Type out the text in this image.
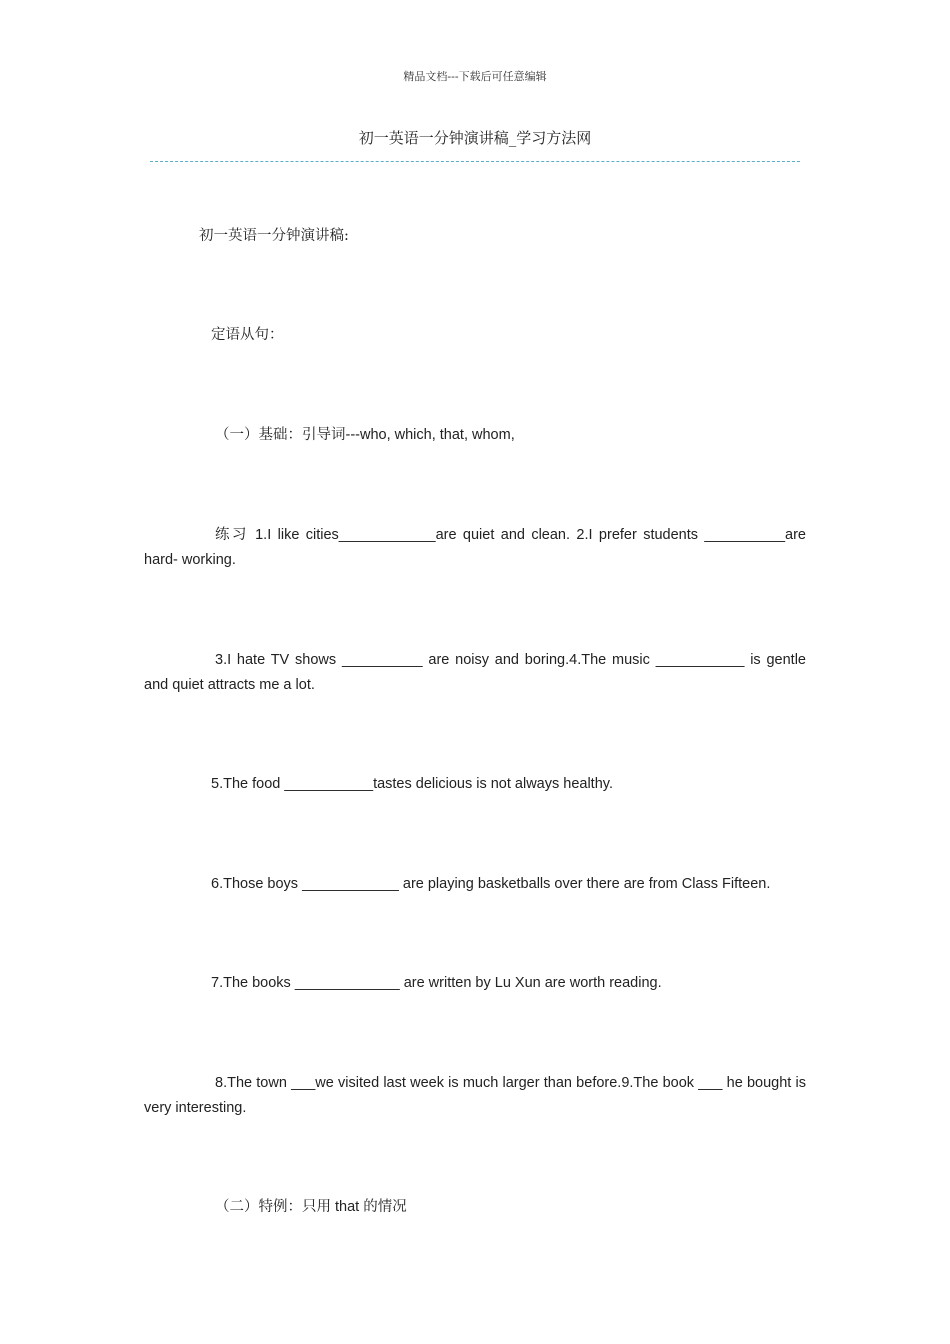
精品文档---下载后可任意编辑
初一英语一分钟演讲稿_学习方法网
初一英语一分钟演讲稿:
定语从句：
（一）基础：引导词---who, which, that, whom,
练习 1.I like cities____________are quiet and clean. 2.I prefer students __________are hard- working.
3.I hate TV shows __________ are noisy and boring.4.The music ___________ is gentle and quiet attracts me a lot.
5.The food ___________tastes delicious is not always healthy.
6.Those boys ____________ are playing basketballs over there are from Class Fifteen.
7.The books _____________ are written by Lu Xun are worth reading.
8.The town ___we visited last week is much larger than before.9.The book ___ he bought is very interesting.
（二）特例：只用 that 的情况
